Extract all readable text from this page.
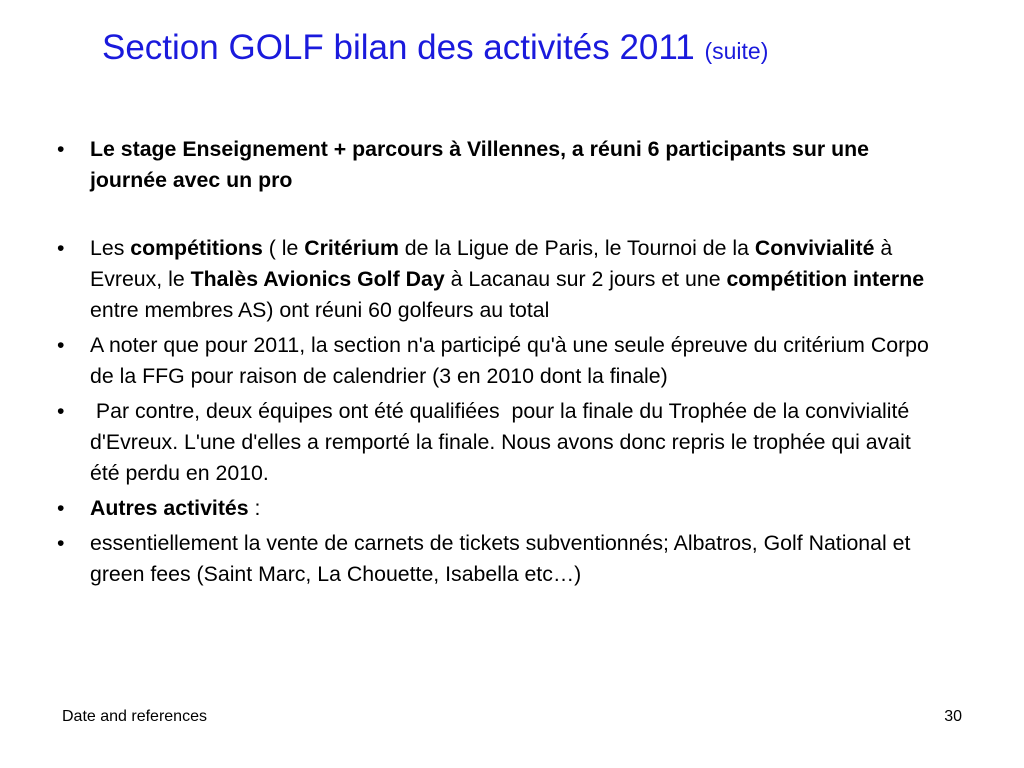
Section GOLF bilan des activités 2011 (suite)
• Le stage Enseignement + parcours à Villennes, a réuni 6 participants sur une journée avec un pro
• Les compétitions ( le Critérium de la Ligue de Paris, le Tournoi de la Convivialité à Evreux, le Thalès Avionics Golf Day à Lacanau sur 2 jours et une compétition interne entre membres AS) ont réuni 60 golfeurs au total
• A noter que pour 2011, la section n'a participé qu'à une seule épreuve du critérium Corpo de la FFG pour raison de calendrier (3 en 2010 dont la finale)
• Par contre, deux équipes ont été qualifiées  pour la finale du Trophée de la convivialité d'Evreux. L'une d'elles a remporté la finale. Nous avons donc repris le trophée qui avait été perdu en 2010.
• Autres activités :
• essentiellement la vente de carnets de tickets subventionnés; Albatros, Golf National et green fees (Saint Marc, La Chouette, Isabella etc…)
Date and references	30
